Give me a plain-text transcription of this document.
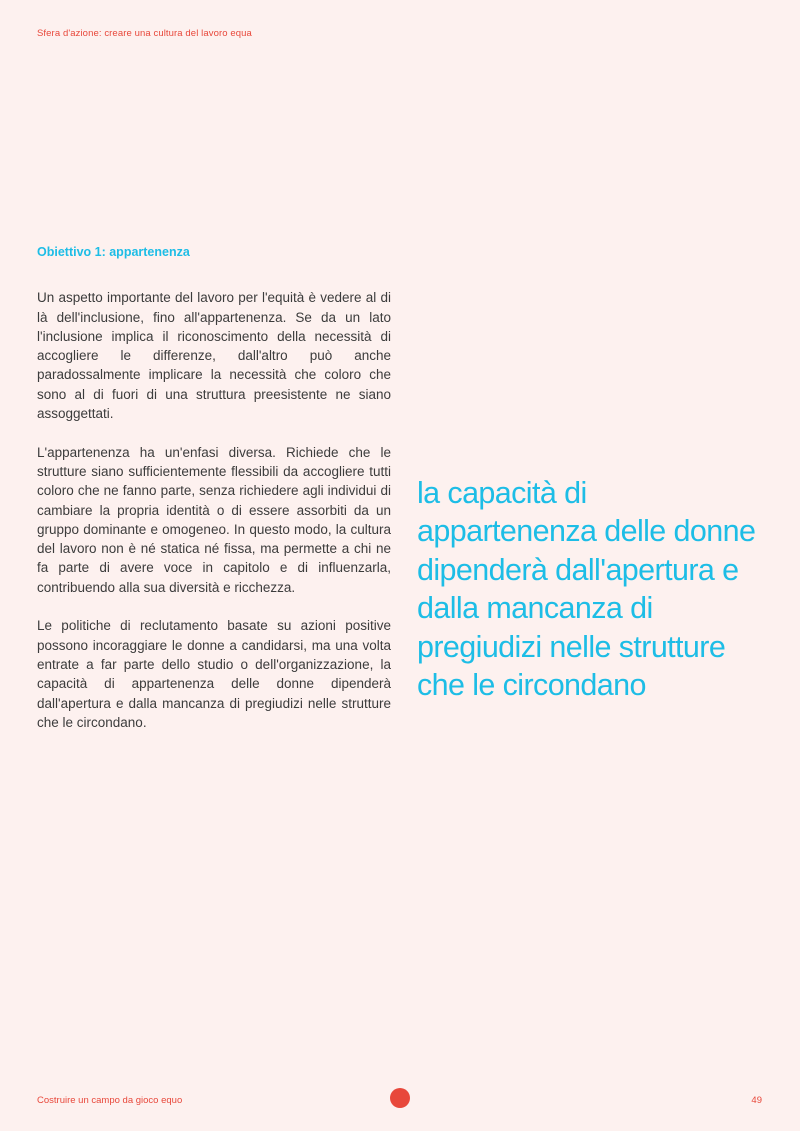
Sfera d'azione: creare una cultura del lavoro equa
Obiettivo 1: appartenenza

Un aspetto importante del lavoro per l'equità è vedere al di là dell'inclusione, fino all'appartenenza. Se da un lato l'inclusione implica il riconoscimento della necessità di accogliere le differenze, dall'altro può anche paradossalmente implicare la necessità che coloro che sono al di fuori di una struttura preesistente ne siano assoggettati.

L'appartenenza ha un'enfasi diversa. Richiede che le strutture siano sufficientemente flessibili da accogliere tutti coloro che ne fanno parte, senza richiedere agli individui di cambiare la propria identità o di essere assorbiti da un gruppo dominante e omogeneo. In questo modo, la cultura del lavoro non è né statica né fissa, ma permette a chi ne fa parte di avere voce in capitolo e di influenzarla, contribuendo alla sua diversità e ricchezza.

Le politiche di reclutamento basate su azioni positive possono incoraggiare le donne a candidarsi, ma una volta entrate a far parte dello studio o dell'organizzazione, la capacità di appartenenza delle donne dipenderà dall'apertura e dalla mancanza di pregiudizi nelle strutture che le circondano.

la capacità di appartenenza delle donne dipenderà dall'apertura e dalla mancanza di pregiudizi nelle strutture che le circondano

Costruire un campo da gioco equo	49
